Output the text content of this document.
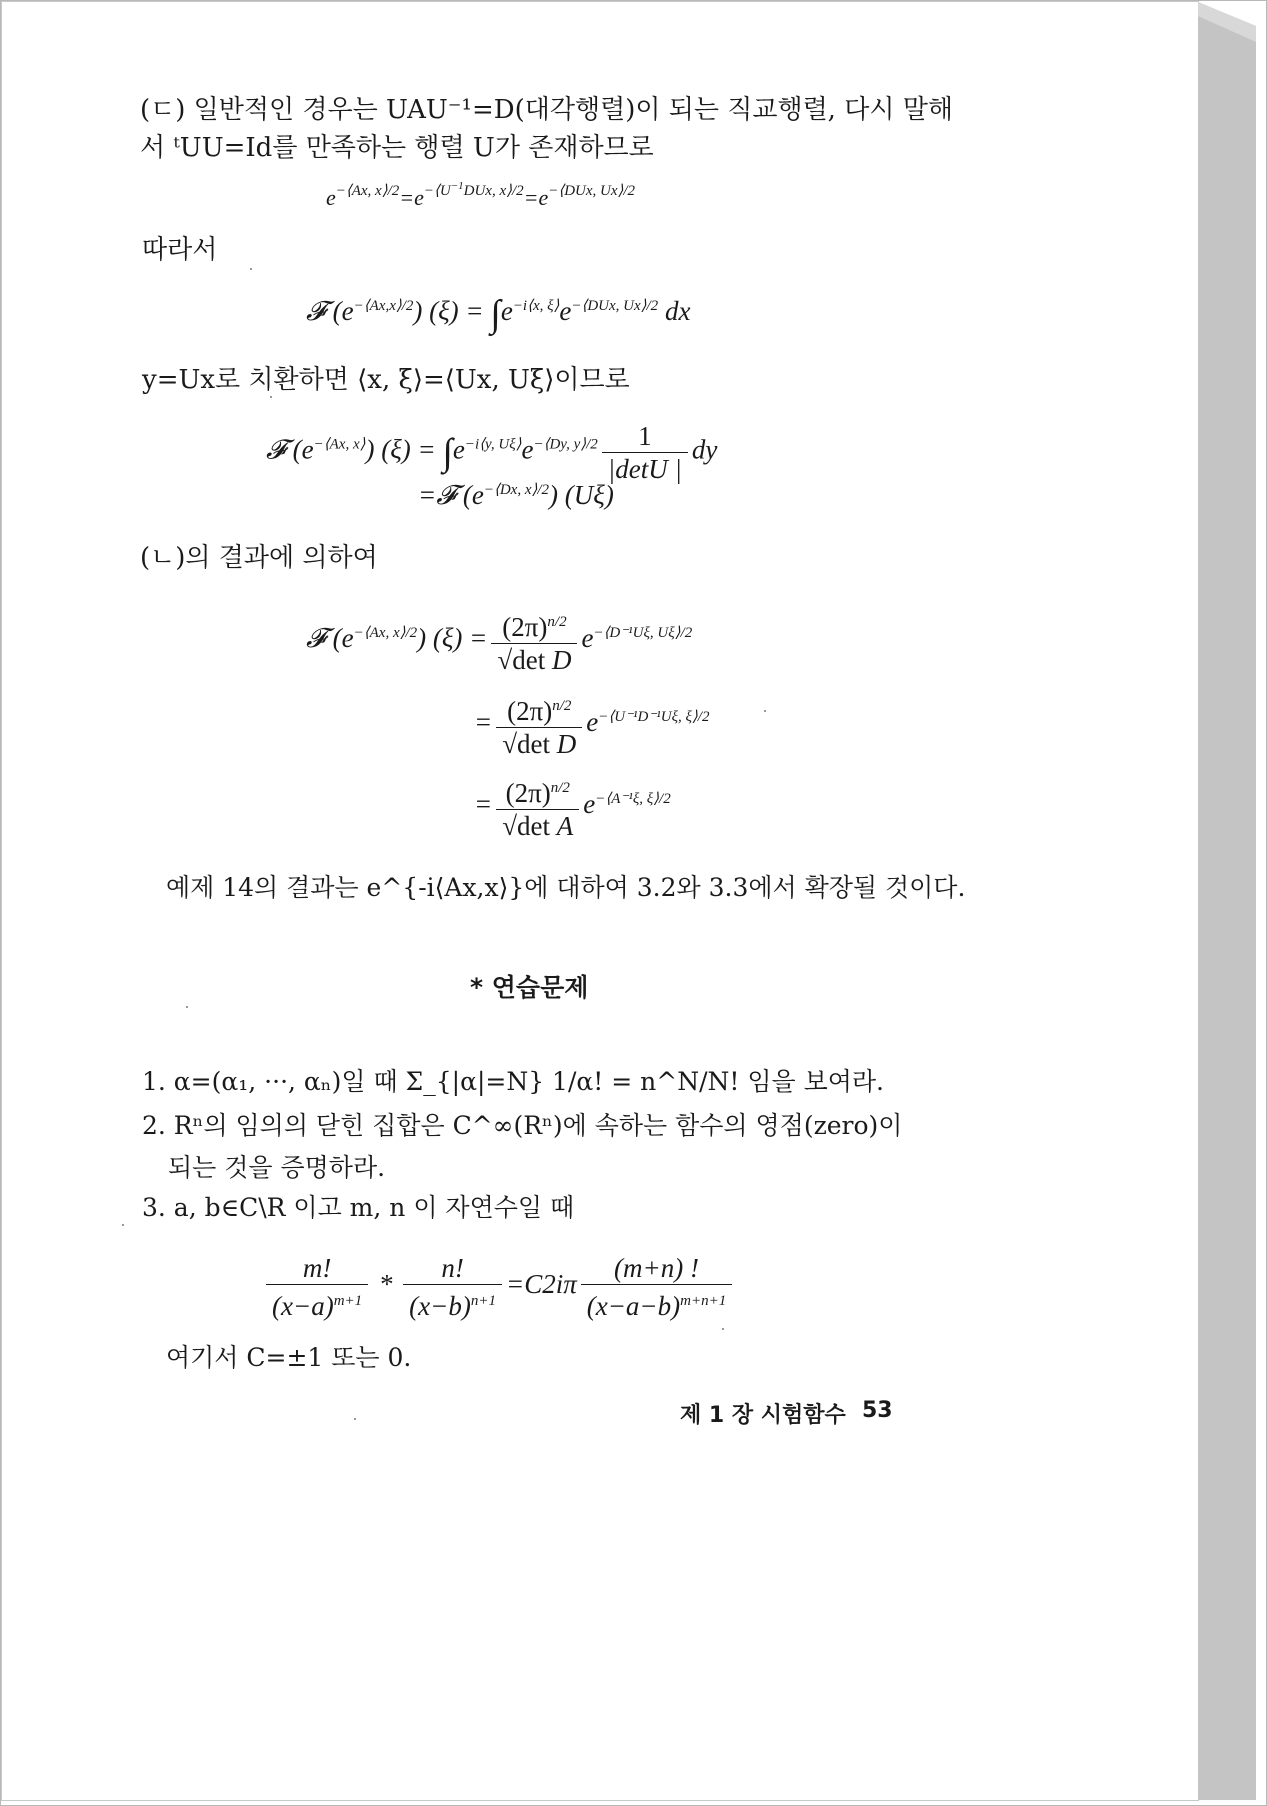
(ㄷ) 일반적인 경우는 UAU⁻¹=D(대각행렬)이 되는 직교행렬, 다시 말해
서 ᵗUU=Id를 만족하는 행렬 U가 존재하므로
$e^{-⟨Ax, x⟩/2}=e^{-⟨U^{-1}DUx, x⟩/2}=e^{-⟨DUx, Ux⟩/2}$
따라서
𝓕 $(e^{-⟨Ax,x⟩/2}) (\xi) = \int e^{-i⟨x, \xi⟩}e^{-⟨DUx, Ux⟩/2}$ dx
y=Ux로 치환하면 ⟨x, ξ⟩=⟨Ux, Uξ⟩이므로
𝓕 $(e^{-⟨Ax, x⟩}) (\xi) = \int e^{-i⟨y, U\xi⟩}e^{-⟨Dy, y⟩/2} \frac{1}{|\det U |}$ dy
=𝓕 $(e^{-⟨Dx, x⟩/2})$ (Uξ)
(ㄴ)의 결과에 의하여
𝓕 $(e^{-⟨Ax, x⟩/2}) (\xi) = \frac{(2\pi)^{n/2}}{\text{√det D}} e^{-⟨D^{-1}U\xi, U\xi⟩/2}$
= $\frac{(2\pi)^{n/2}}{\text{√det D}} e^{-⟨U^{-1}D^{-1}U\xi, \xi⟩/2}$
= $\frac{(2\pi)^{n/2}}{\text{√det A}} e^{-⟨A^{-1}\xi, \xi⟩/2}$
예제 14의 결과는 e^{-i⟨Ax,x⟩}에 대하여 3.2와 3.3에서 확장될 것이다.
* 연습문제
1. α=(α₁, ···, αₙ)일 때 Σ_{|α|=N} 1/α! = n^N/N! 임을 보여라.
2. Rⁿ의 임의의 닫힌 집합은 C^∞(Rⁿ)에 속하는 함수의 영점(zero)이
되는 것을 증명하라.
3. a, b∈C\R 이고 m, n 이 자연수일 때
$\frac{m!}{(x-a)^{m+1}} * \frac{n!}{(x-b)^{n+1}} =C2i\pi \frac{(m+n) !}{(x-a-b)^{m+n+1}}$
여기서 C=±1 또는 0.
제 1 장 시험함수 53
